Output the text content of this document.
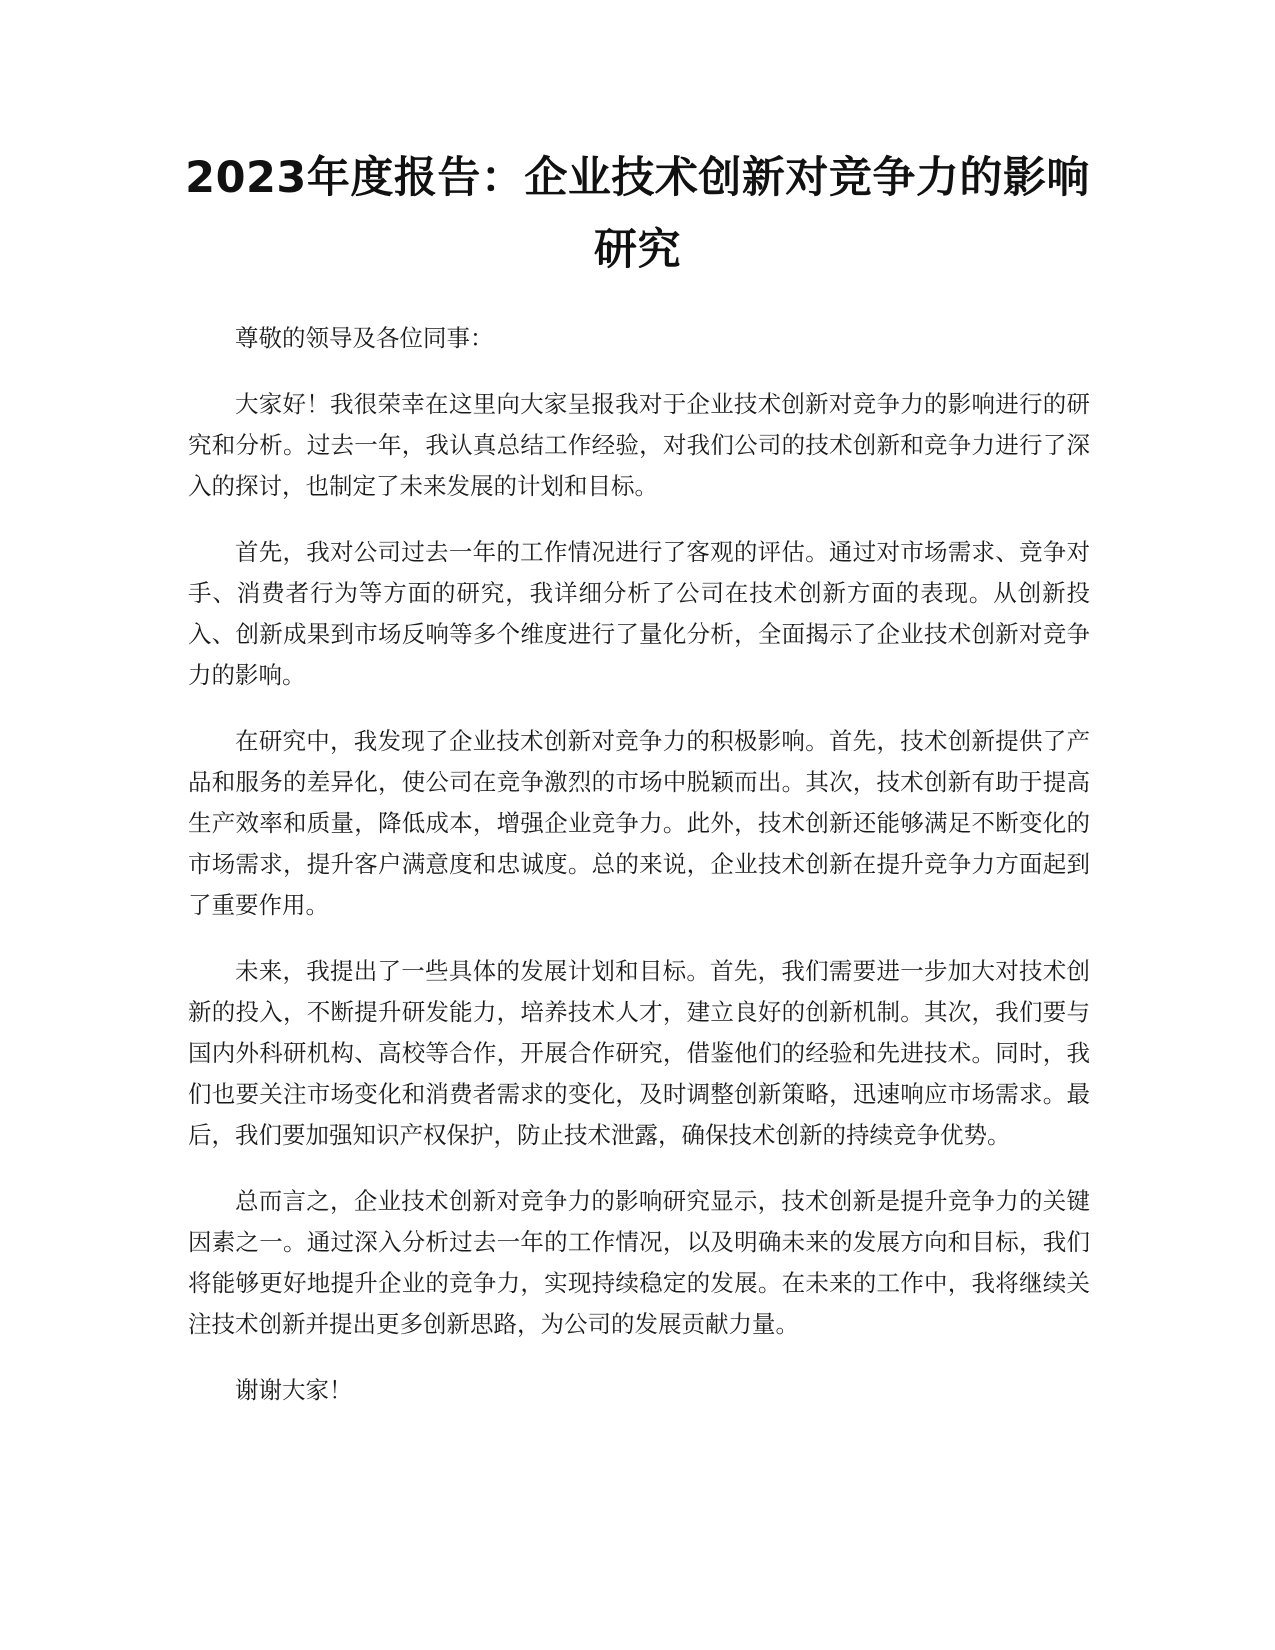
2023年度报告：企业技术创新对竞争力的影响研究

尊敬的领导及各位同事：

大家好！我很荣幸在这里向大家呈报我对于企业技术创新对竞争力的影响进行的研究和分析。过去一年，我认真总结工作经验，对我们公司的技术创新和竞争力进行了深入的探讨，也制定了未来发展的计划和目标。

首先，我对公司过去一年的工作情况进行了客观的评估。通过对市场需求、竞争对手、消费者行为等方面的研究，我详细分析了公司在技术创新方面的表现。从创新投入、创新成果到市场反响等多个维度进行了量化分析，全面揭示了企业技术创新对竞争力的影响。

在研究中，我发现了企业技术创新对竞争力的积极影响。首先，技术创新提供了产品和服务的差异化，使公司在竞争激烈的市场中脱颖而出。其次，技术创新有助于提高生产效率和质量，降低成本，增强企业竞争力。此外，技术创新还能够满足不断变化的市场需求，提升客户满意度和忠诚度。总的来说，企业技术创新在提升竞争力方面起到了重要作用。

未来，我提出了一些具体的发展计划和目标。首先，我们需要进一步加大对技术创新的投入，不断提升研发能力，培养技术人才，建立良好的创新机制。其次，我们要与国内外科研机构、高校等合作，开展合作研究，借鉴他们的经验和先进技术。同时，我们也要关注市场变化和消费者需求的变化，及时调整创新策略，迅速响应市场需求。最后，我们要加强知识产权保护，防止技术泄露，确保技术创新的持续竞争优势。

总而言之，企业技术创新对竞争力的影响研究显示，技术创新是提升竞争力的关键因素之一。通过深入分析过去一年的工作情况，以及明确未来的发展方向和目标，我们将能够更好地提升企业的竞争力，实现持续稳定的发展。在未来的工作中，我将继续关注技术创新并提出更多创新思路，为公司的发展贡献力量。

谢谢大家！
